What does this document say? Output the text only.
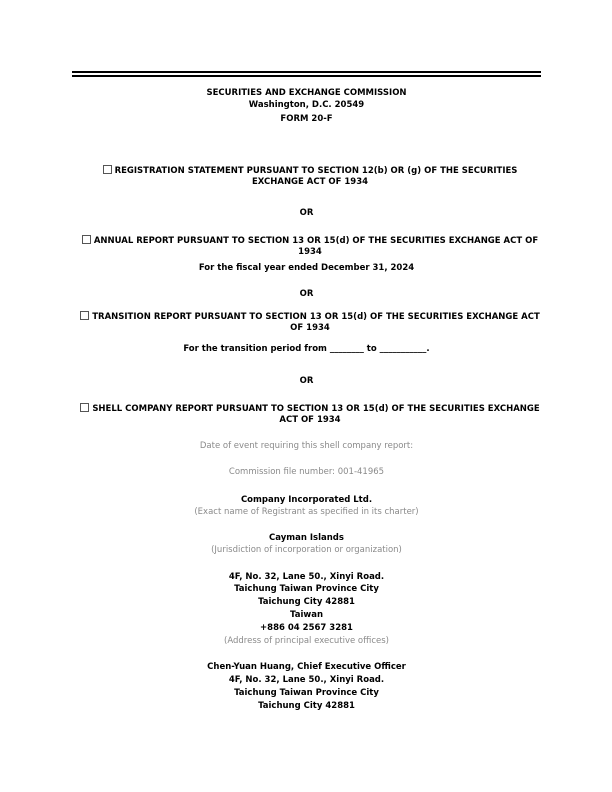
SECURITIES AND EXCHANGE COMMISSION
Washington, D.C. 20549
FORM 20-F
REGISTRATION STATEMENT PURSUANT TO SECTION 12(b) OR (g) OF THE SECURITIES EXCHANGE ACT OF 1934
OR
ANNUAL REPORT PURSUANT TO SECTION 13 OR 15(d) OF THE SECURITIES EXCHANGE ACT OF 1934
For the fiscal year ended December 31, 2024
OR
TRANSITION REPORT PURSUANT TO SECTION 13 OR 15(d) OF THE SECURITIES EXCHANGE ACT OF 1934
For the transition period from ________ to ___________.
OR
SHELL COMPANY REPORT PURSUANT TO SECTION 13 OR 15(d) OF THE SECURITIES EXCHANGE ACT OF 1934
Date of event requiring this shell company report:
Commission file number: 001-41965
Company Incorporated Ltd.
(Exact name of Registrant as specified in its charter)
Cayman Islands
(Jurisdiction of incorporation or organization)
4F, No. 32, Lane 50., Xinyi Road.
Taichung Taiwan Province City
Taichung City 42881
Taiwan
+886 04 2567 3281
(Address of principal executive offices)
Chen-Yuan Huang, Chief Executive Officer
4F, No. 32, Lane 50., Xinyi Road.
Taichung Taiwan Province City
Taichung City 42881
